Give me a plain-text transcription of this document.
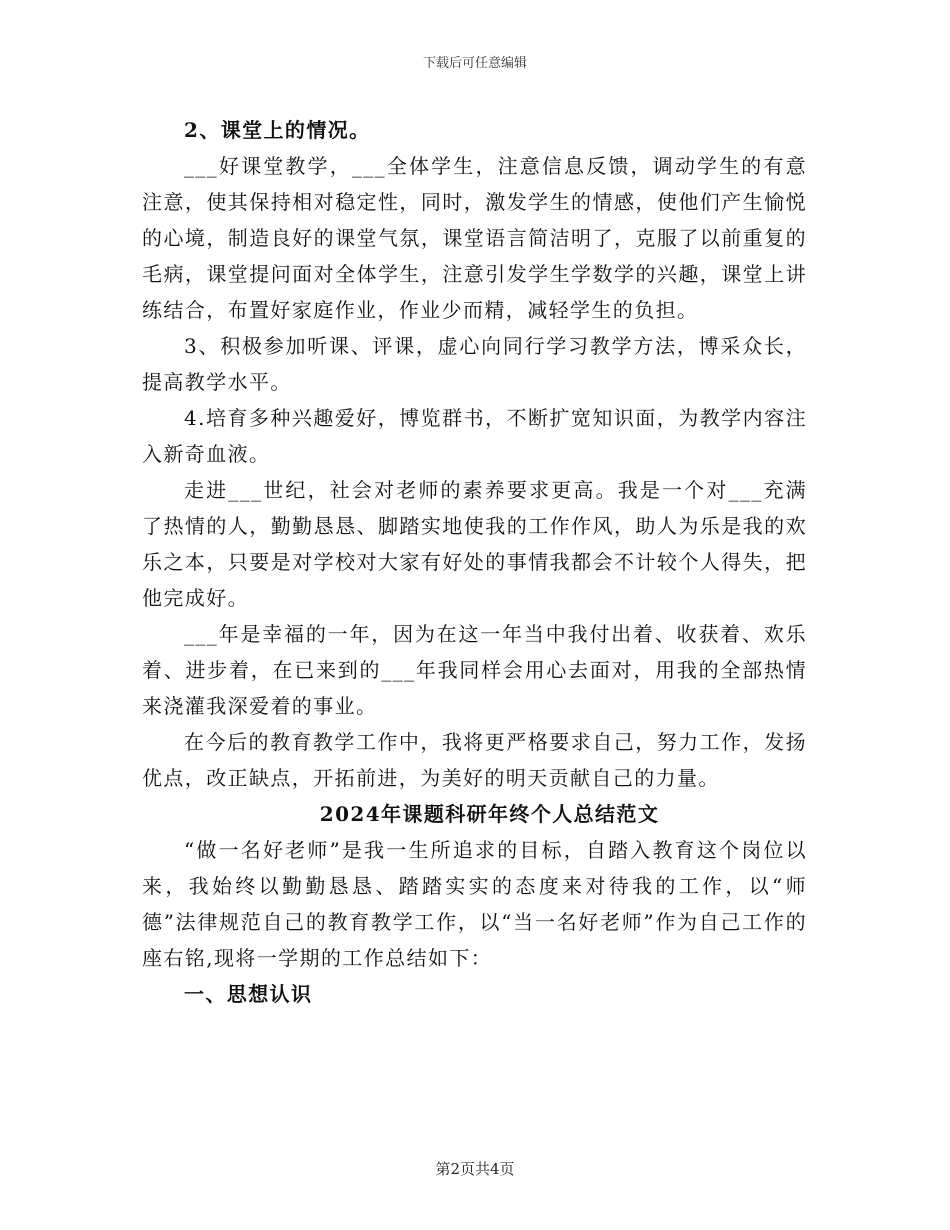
下载后可任意编辑

2、课堂上的情况。

___好课堂教学，___全体学生，注意信息反馈，调动学生的有意注意，使其保持相对稳定性，同时，激发学生的情感，使他们产生愉悦的心境，制造良好的课堂气氛，课堂语言简洁明了，克服了以前重复的毛病，课堂提问面对全体学生，注意引发学生学数学的兴趣，课堂上讲练结合，布置好家庭作业，作业少而精，减轻学生的负担。

3、积极参加听课、评课，虚心向同行学习教学方法，博采众长，提高教学水平。

4.培育多种兴趣爱好，博览群书，不断扩宽知识面，为教学内容注入新奇血液。

走进___世纪，社会对老师的素养要求更高。我是一个对___充满了热情的人，勤勤恳恳、脚踏实地使我的工作作风，助人为乐是我的欢乐之本，只要是对学校对大家有好处的事情我都会不计较个人得失，把他完成好。

___年是幸福的一年，因为在这一年当中我付出着、收获着、欢乐着、进步着，在已来到的___年我同样会用心去面对，用我的全部热情来浇灌我深爱着的事业。

在今后的教育教学工作中，我将更严格要求自己，努力工作，发扬优点，改正缺点，开拓前进，为美好的明天贡献自己的力量。

2024年课题科研年终个人总结范文

“做一名好老师”是我一生所追求的目标，自踏入教育这个岗位以来，我始终以勤勤恳恳、踏踏实实的态度来对待我的工作，以“师德”法律规范自己的教育教学工作，以“当一名好老师”作为自己工作的座右铭,现将一学期的工作总结如下：

一、思想认识

第2页共4页
